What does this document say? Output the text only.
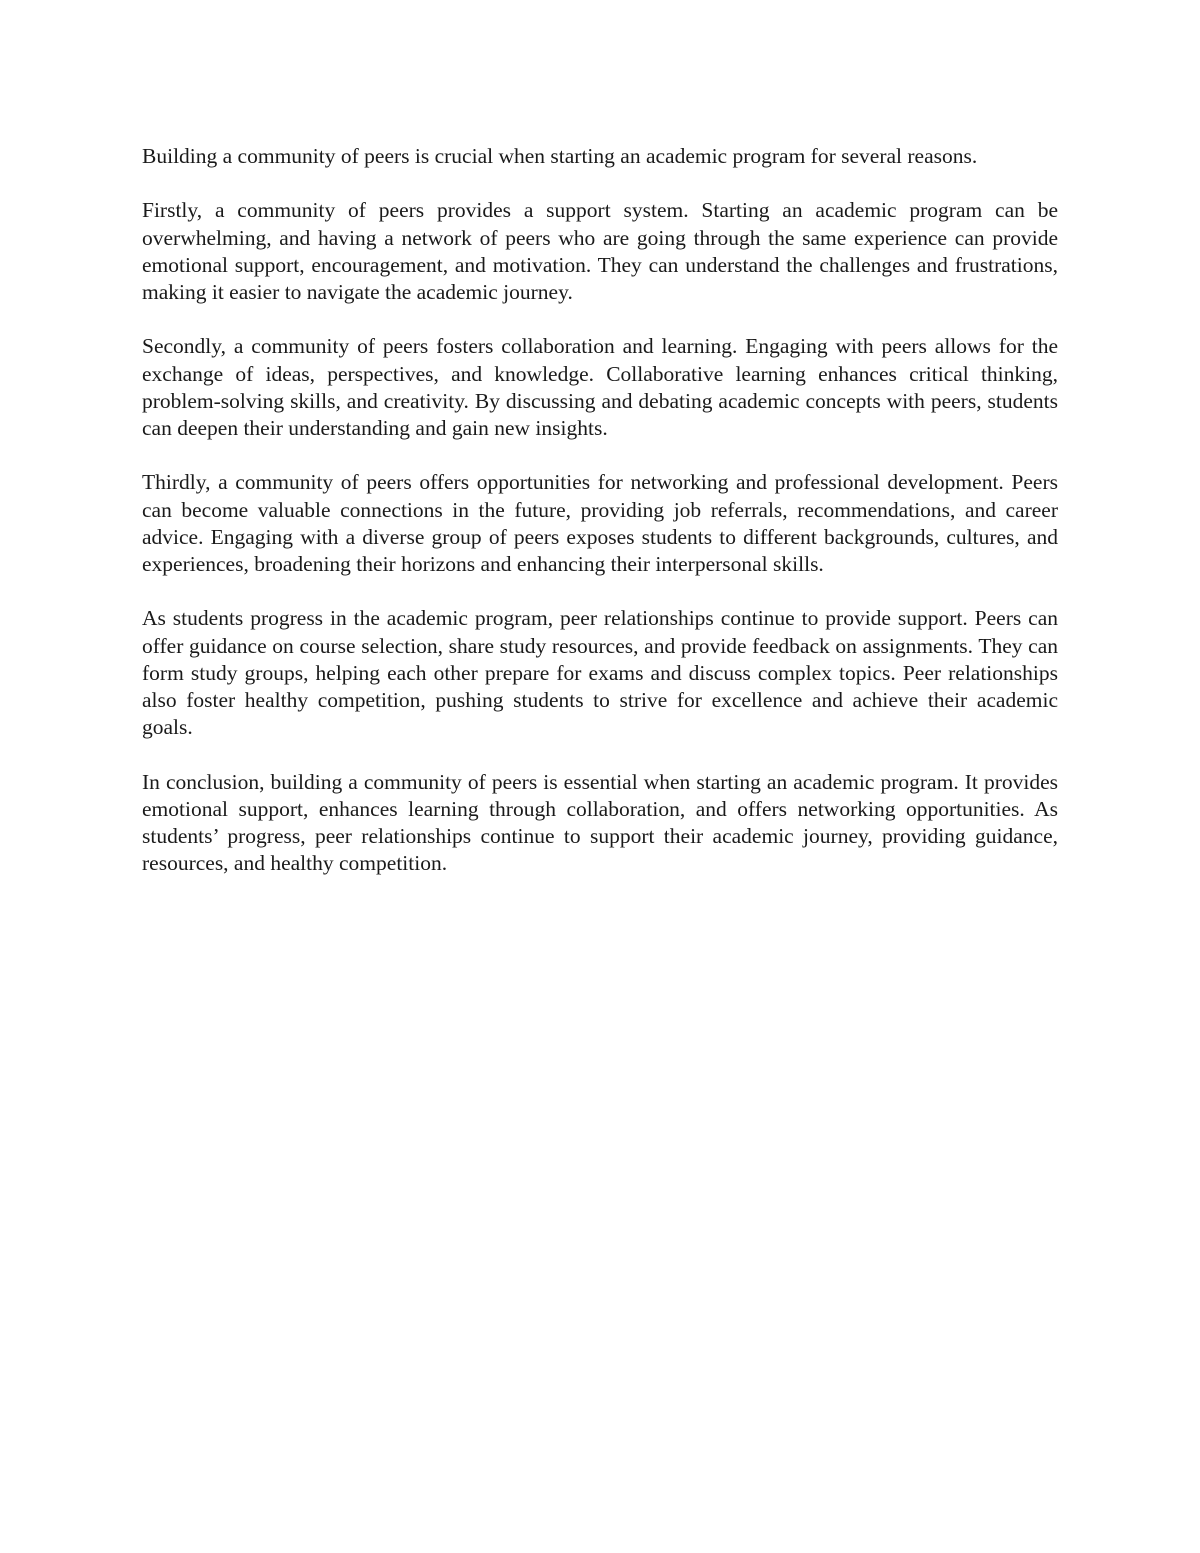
Building a community of peers is crucial when starting an academic program for several reasons.

Firstly, a community of peers provides a support system. Starting an academic program can be overwhelming, and having a network of peers who are going through the same experience can provide emotional support, encouragement, and motivation. They can understand the challenges and frustrations, making it easier to navigate the academic journey.

Secondly, a community of peers fosters collaboration and learning. Engaging with peers allows for the exchange of ideas, perspectives, and knowledge. Collaborative learning enhances critical thinking, problem-solving skills, and creativity. By discussing and debating academic concepts with peers, students can deepen their understanding and gain new insights.

Thirdly, a community of peers offers opportunities for networking and professional development. Peers can become valuable connections in the future, providing job referrals, recommendations, and career advice. Engaging with a diverse group of peers exposes students to different backgrounds, cultures, and experiences, broadening their horizons and enhancing their interpersonal skills.

As students progress in the academic program, peer relationships continue to provide support. Peers can offer guidance on course selection, share study resources, and provide feedback on assignments. They can form study groups, helping each other prepare for exams and discuss complex topics. Peer relationships also foster healthy competition, pushing students to strive for excellence and achieve their academic goals.

In conclusion, building a community of peers is essential when starting an academic program. It provides emotional support, enhances learning through collaboration, and offers networking opportunities. As students’ progress, peer relationships continue to support their academic journey, providing guidance, resources, and healthy competition.
